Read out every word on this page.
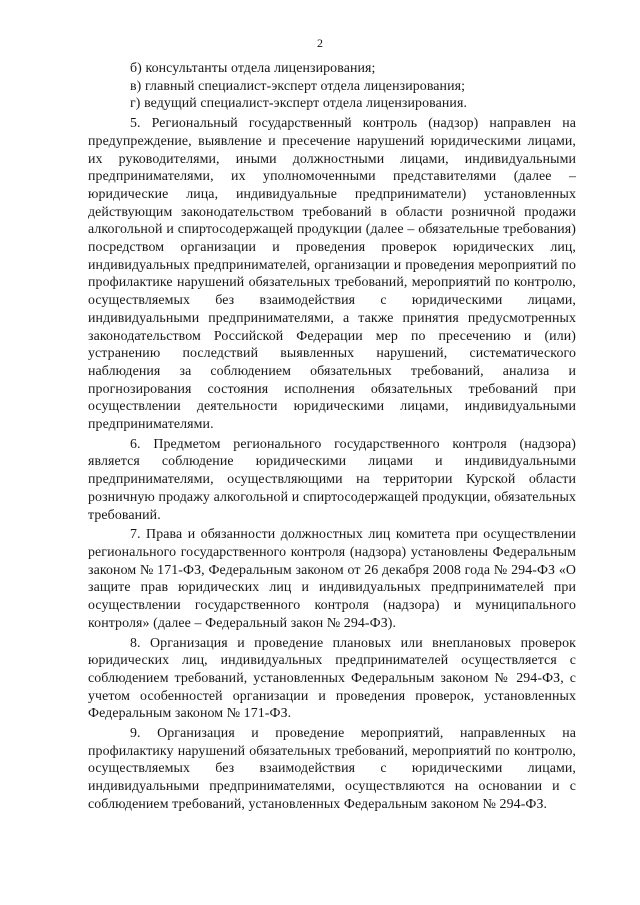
2

б) консультанты отдела лицензирования;

в) главный специалист-эксперт отдела лицензирования;

г) ведущий специалист-эксперт отдела лицензирования.

5. Региональный государственный контроль (надзор) направлен на предупреждение, выявление и пресечение нарушений юридическими лицами, их руководителями, иными должностными лицами, индивидуальными предпринимателями, их уполномоченными представителями (далее – юридические лица, индивидуальные предприниматели) установленных действующим законодательством требований в области розничной продажи алкогольной и спиртосодержащей продукции (далее – обязательные требования) посредством организации и проведения проверок юридических лиц, индивидуальных предпринимателей, организации и проведения мероприятий по профилактике нарушений обязательных требований, мероприятий по контролю, осуществляемых без взаимодействия с юридическими лицами, индивидуальными предпринимателями, а также принятия предусмотренных законодательством Российской Федерации мер по пресечению и (или) устранению последствий выявленных нарушений, систематического наблюдения за соблюдением обязательных требований, анализа и прогнозирования состояния исполнения обязательных требований при осуществлении деятельности юридическими лицами, индивидуальными предпринимателями.

6. Предметом регионального государственного контроля (надзора) является соблюдение юридическими лицами и индивидуальными предпринимателями, осуществляющими на территории Курской области розничную продажу алкогольной и спиртосодержащей продукции, обязательных требований.

7. Права и обязанности должностных лиц комитета при осуществлении регионального государственного контроля (надзора) установлены Федеральным законом № 171-ФЗ, Федеральным законом от 26 декабря 2008 года № 294-ФЗ «О защите прав юридических лиц и индивидуальных предпринимателей при осуществлении государственного контроля (надзора) и муниципального контроля» (далее – Федеральный закон № 294-ФЗ).

8. Организация и проведение плановых или внеплановых проверок юридических лиц, индивидуальных предпринимателей осуществляется с соблюдением требований, установленных Федеральным законом № 294-ФЗ, с учетом особенностей организации и проведения проверок, установленных Федеральным законом № 171-ФЗ.

9. Организация и проведение мероприятий, направленных на профилактику нарушений обязательных требований, мероприятий по контролю, осуществляемых без взаимодействия с юридическими лицами, индивидуальными предпринимателями, осуществляются на основании и с соблюдением требований, установленных Федеральным законом № 294-ФЗ.
